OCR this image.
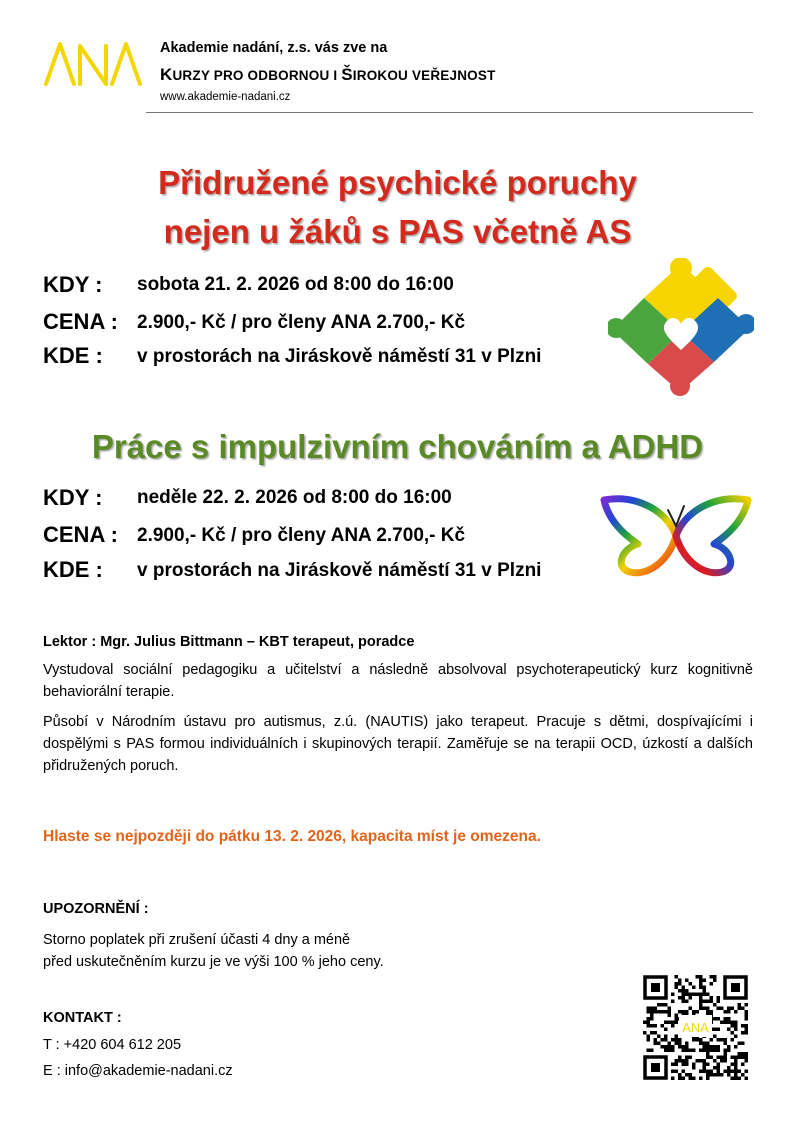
Akademie nadání, z.s. vás zve na
KURZY PRO ODBORNOU I ŠIROKOU VEŘEJNOST
www.akademie-nadani.cz
Přidružené psychické poruchy
nejen u žáků s PAS včetně AS
KDY : sobota 21. 2. 2026 od 8:00 do 16:00
CENA : 2.900,- Kč / pro členy ANA 2.700,- Kč
KDE : v prostorách na Jiráskově náměstí 31 v Plzni
Práce s impulzivním chováním a ADHD
KDY : neděle 22. 2. 2026 od 8:00 do 16:00
CENA : 2.900,- Kč / pro členy ANA 2.700,- Kč
KDE : v prostorách na Jiráskově náměstí 31 v Plzni
Lektor : Mgr. Julius Bittmann – KBT terapeut, poradce
Vystudoval sociální pedagogiku a učitelství a následně absolvoval psychoterapeutický kurz kognitivně behaviorální terapie.
Působí v Národním ústavu pro autismus, z.ú. (NAUTIS) jako terapeut. Pracuje s dětmi, dospívajícími i dospělými s PAS formou individuálních i skupinových terapií. Zaměřuje se na terapii OCD, úzkostí a dalších přidružených poruch.
Hlaste se nejpozději do pátku 13. 2. 2026, kapacita míst je omezena.
UPOZORNĚNÍ :
Storno poplatek při zrušení účasti 4 dny a méně
před uskutečněním kurzu je ve výši 100 % jeho ceny.
KONTAKT :
T : +420 604 612 205
E : info@akademie-nadani.cz
ANA
